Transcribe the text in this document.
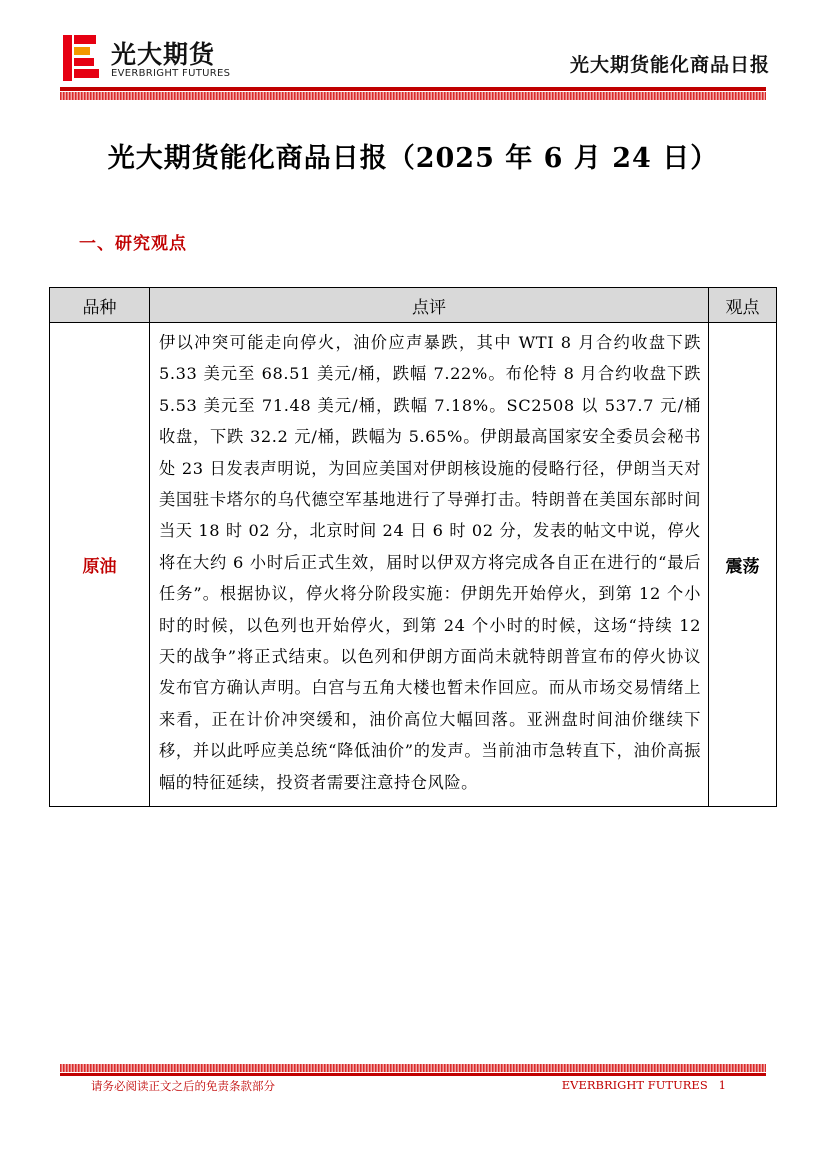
光大期货
EVERBRIGHT FUTURES	光大期货能化商品日报
光大期货能化商品日报（2025 年 6 月 24 日）
一、研究观点
品种	点评	观点
原油	伊以冲突可能走向停火，油价应声暴跌，其中 WTI 8 月合约收盘下跌 5.33 美元至 68.51 美元/桶，跌幅 7.22%。布伦特 8 月合约收盘下跌 5.53 美元至 71.48 美元/桶，跌幅 7.18%。SC2508 以 537.7 元/桶收盘，下跌 32.2 元/桶，跌幅为 5.65%。伊朗最高国家安全委员会秘书处 23 日发表声明说，为回应美国对伊朗核设施的侵略行径，伊朗当天对美国驻卡塔尔的乌代德空军基地进行了导弹打击。特朗普在美国东部时间当天 18 时 02 分，北京时间 24 日 6 时 02 分，发表的帖文中说，停火将在大约 6 小时后正式生效，届时以伊双方将完成各自正在进行的“最后任务”。根据协议，停火将分阶段实施：伊朗先开始停火，到第 12 个小时的时候，以色列也开始停火，到第 24 个小时的时候，这场“持续 12 天的战争”将正式结束。以色列和伊朗方面尚未就特朗普宣布的停火协议发布官方确认声明。白宫与五角大楼也暂未作回应。而从市场交易情绪上来看，正在计价冲突缓和，油价高位大幅回落。亚洲盘时间油价继续下移，并以此呼应美总统“降低油价”的发声。当前油市急转直下，油价高振幅的特征延续，投资者需要注意持仓风险。	震荡
请务必阅读正文之后的免责条款部分	EVERBRIGHT FUTURES 1
